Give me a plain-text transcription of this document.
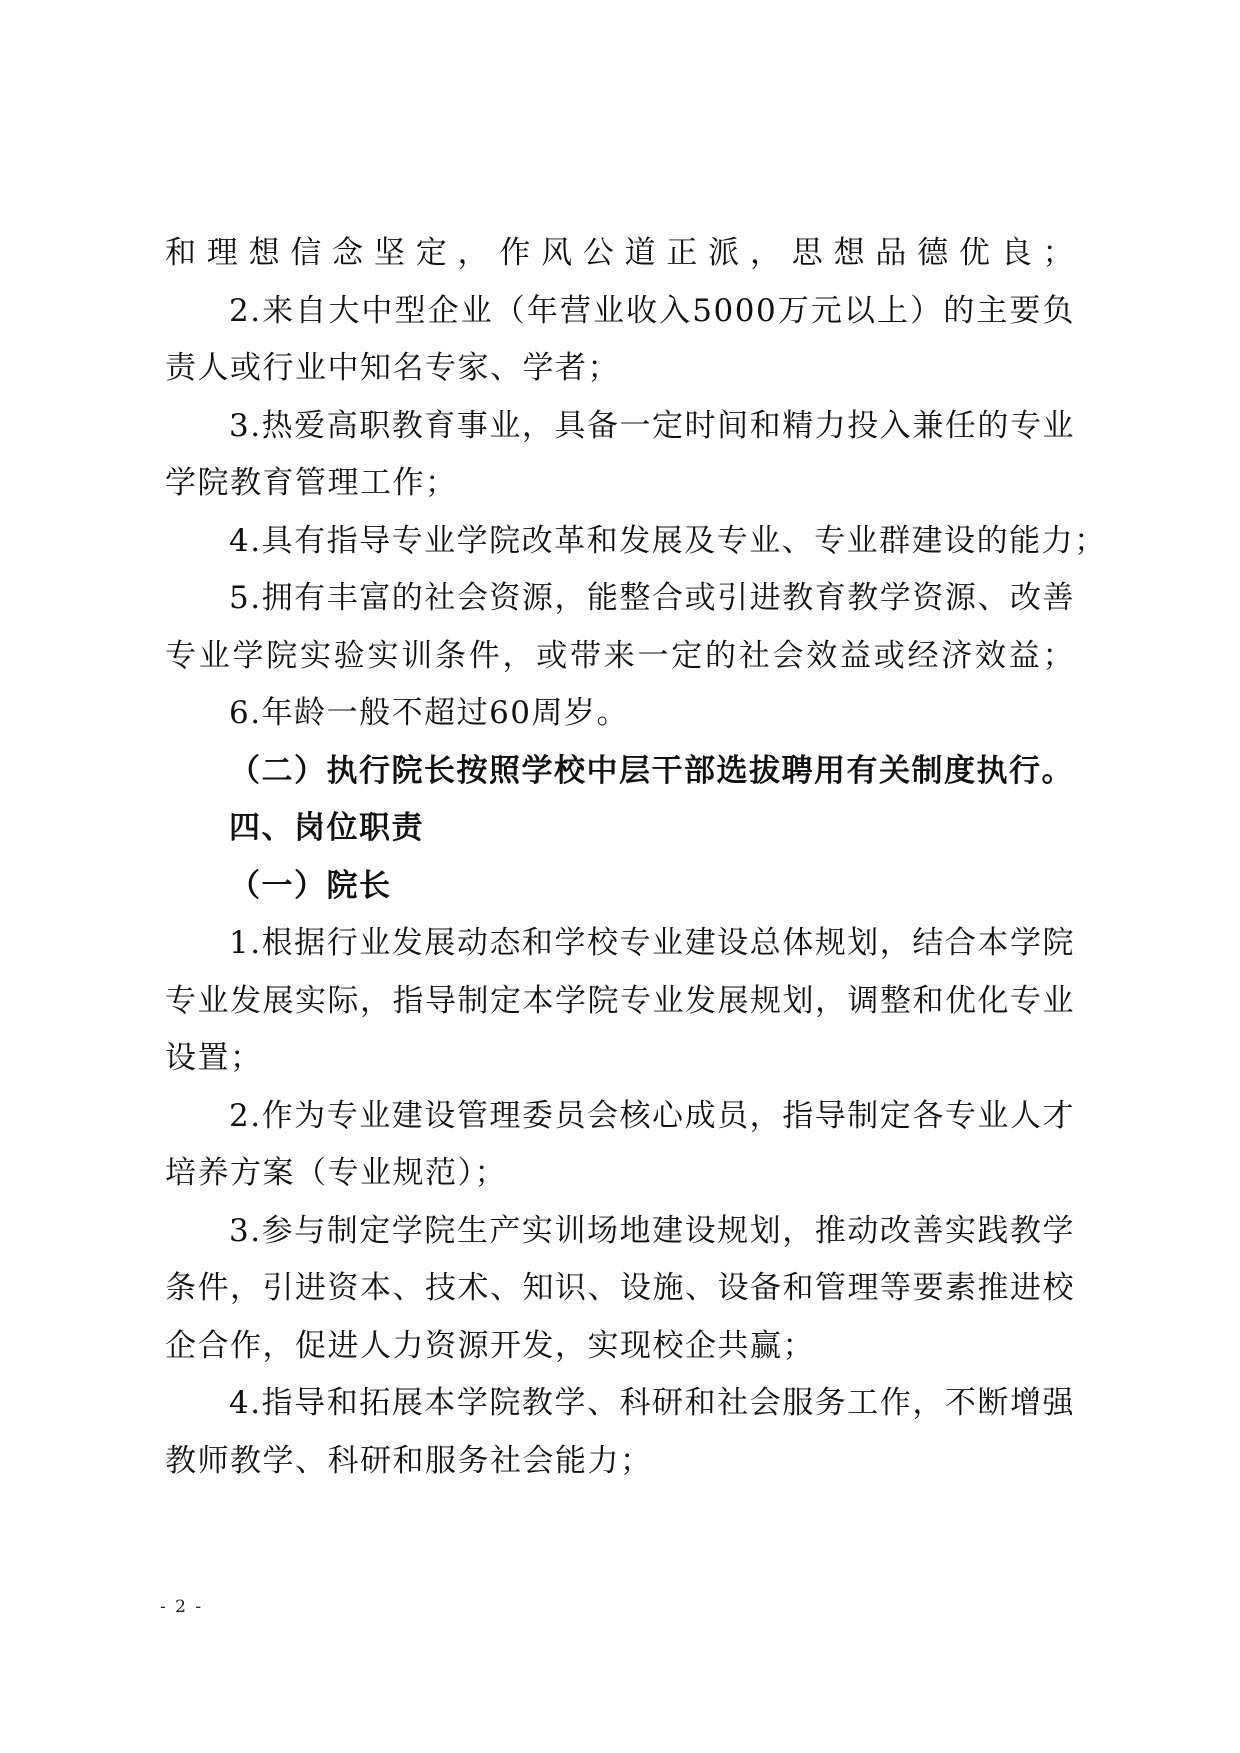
和理想信念坚定，作风公道正派，思想品德优良；
2.来自大中型企业（年营业收入5000万元以上）的主要负
责人或行业中知名专家、学者；
3.热爱高职教育事业，具备一定时间和精力投入兼任的专业
学院教育管理工作；
4.具有指导专业学院改革和发展及专业、专业群建设的能力；
5.拥有丰富的社会资源，能整合或引进教育教学资源、改善
专业学院实验实训条件，或带来一定的社会效益或经济效益；
6.年龄一般不超过60周岁。
（二）执行院长按照学校中层干部选拔聘用有关制度执行。
四、岗位职责
（一）院长
1.根据行业发展动态和学校专业建设总体规划，结合本学院
专业发展实际，指导制定本学院专业发展规划，调整和优化专业
设置；
2.作为专业建设管理委员会核心成员，指导制定各专业人才
培养方案（专业规范）；
3.参与制定学院生产实训场地建设规划，推动改善实践教学
条件，引进资本、技术、知识、设施、设备和管理等要素推进校
企合作，促进人力资源开发，实现校企共赢；
4.指导和拓展本学院教学、科研和社会服务工作，不断增强
教师教学、科研和服务社会能力；
- 2 -
